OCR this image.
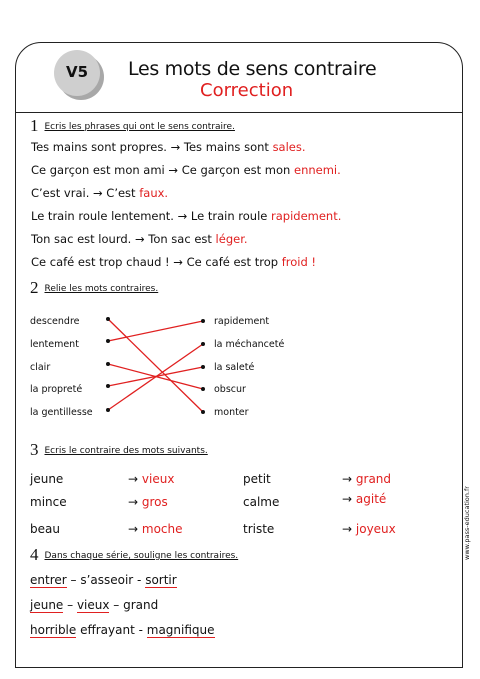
V5	Les mots de sens contraire
Correction
1 Ecris les phrases qui ont le sens contraire.
Tes mains sont propres. → Tes mains sont sales.
Ce garçon est mon ami → Ce garçon est mon ennemi.
C’est vrai. → C’est faux.
Le train roule lentement. → Le train roule rapidement.
Ton sac est lourd. → Ton sac est léger.
Ce café est trop chaud ! → Ce café est trop froid !
2 Relie les mots contraires.
descendre
lentement
clair
la propreté
la gentillesse
rapidement
la méchanceté
la saleté
obscur
monter
3 Ecris le contraire des mots suivants.
jeune	→ vieux	petit	→ grand
mince	→ gros	calme	→ agité
beau	→ moche	triste	→ joyeux
4 Dans chaque série, souligne les contraires.
entrer – s’asseoir - sortir
jeune – vieux – grand
horrible effrayant - magnifique
www.pass-education.fr
